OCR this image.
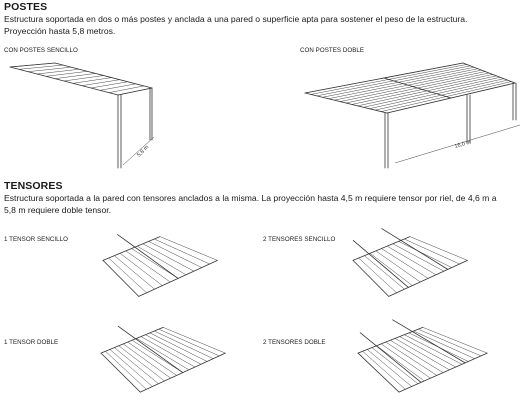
POSTES
Estructura soportada en dos o más postes y anclada a una pared o superficie apta para sostener el peso de la estructura.
Proyección hasta 5,8 metros.
CON POSTES SENCILLO	CON POSTES DOBLE
5,8 m	16,0 m
TENSORES
Estructura soportada a la pared con tensores anclados a la misma. La proyección hasta 4,5 m requiere tensor por riel, de 4,6 m a
5,8 m requiere doble tensor.
1 TENSOR SENCILLO	2 TENSORES SENCILLO
1 TENSOR DOBLE	2 TENSORES DOBLE
